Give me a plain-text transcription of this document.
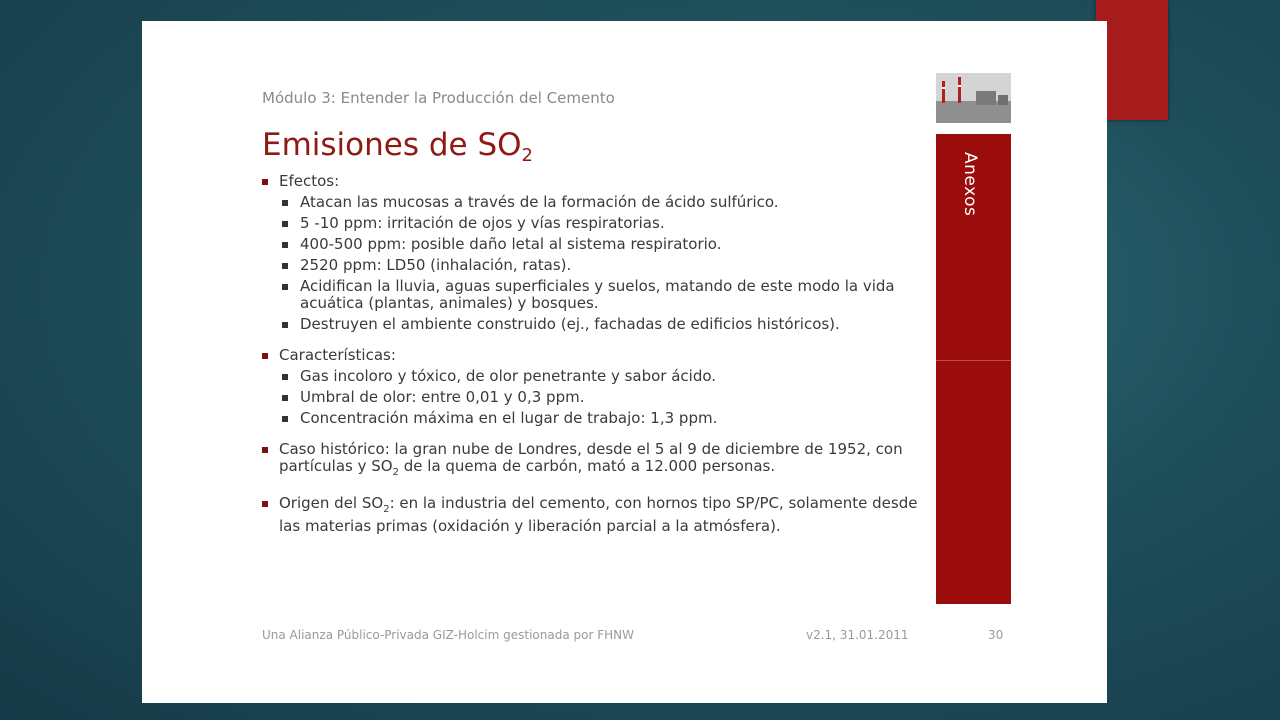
Módulo 3: Entender la Producción del Cemento
Emisiones de $SO_2$
Efectos:
Atacan las mucosas a través de la formación de ácido sulfúrico.
5 -10 ppm: irritación de ojos y vías respiratorias.
400-500 ppm: posible daño letal al sistema respiratorio.
2520 ppm: LD50 (inhalación, ratas).
Acidifican la lluvia, aguas superficiales y suelos, matando de este modo la vida acuática (plantas, animales) y bosques.
Destruyen el ambiente construido (ej., fachadas de edificios históricos).
Características:
Gas incoloro y tóxico, de olor penetrante y sabor ácido.
Umbral de olor: entre 0,01 y 0,3 ppm.
Concentración máxima en el lugar de trabajo: 1,3 ppm.
Caso histórico: la gran nube de Londres, desde el 5 al 9 de diciembre de 1952, con partículas y $SO_2$ de la quema de carbón, mató a 12.000 personas.
Origen del $SO_2$: en la industria del cemento, con hornos tipo SP/PC, solamente desde las materias primas (oxidación y liberación parcial a la atmósfera).
Anexos
Una Alianza Público-Privada GIZ-Holcim gestionada por FHNW	v2.1, 31.01.2011	30
